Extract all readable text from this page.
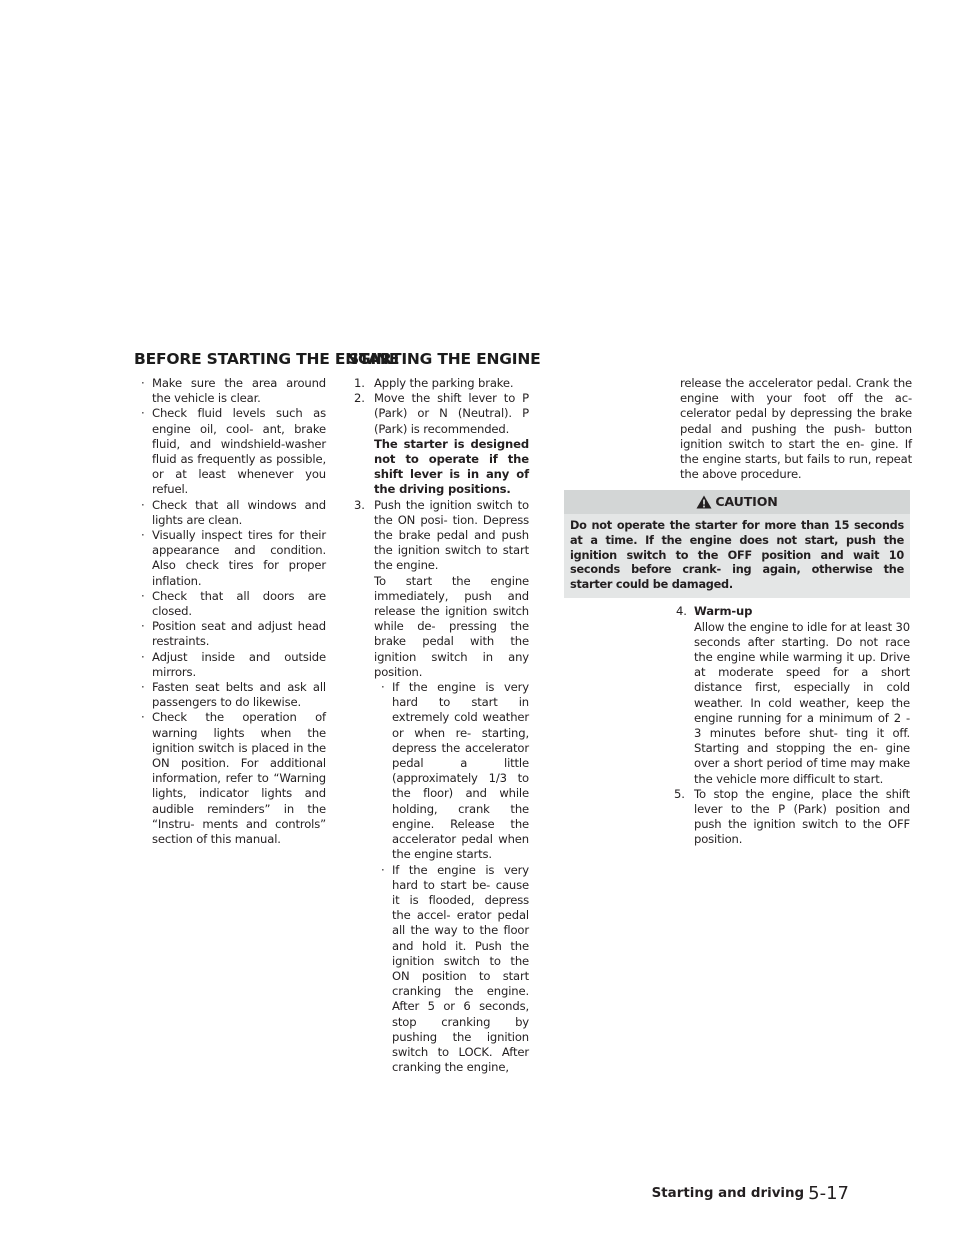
BEFORE STARTING THE ENGINE
STARTING THE ENGINE

· Make sure the area around the vehicle is clear.

· Check fluid levels such as engine oil, cool- ant, brake fluid, and windshield-washer fluid as frequently as possible, or at least whenever you refuel.

· Check that all windows and lights are clean.

· Visually inspect tires for their appearance and condition. Also check tires for proper inflation.

· Check that all doors are closed.

· Position seat and adjust head restraints.

· Adjust inside and outside mirrors.

· Fasten seat belts and ask all passengers to do likewise.

· Check the operation of warning lights when the ignition switch is placed in the ON position. For additional information, refer to “Warning lights, indicator lights and audible reminders” in the “Instru- ments and controls” section of this manual.

1. Apply the parking brake.

2. Move the shift lever to P (Park) or N (Neutral). P (Park) is recommended.

The starter is designed not to operate if the shift lever is in any of the driving positions.

3. Push the ignition switch to the ON posi- tion. Depress the brake pedal and push the ignition switch to start the engine.

To start the engine immediately, push and release the ignition switch while de- pressing the brake pedal with the ignition switch in any position.

· If the engine is very hard to start in extremely cold weather or when re- starting, depress the accelerator pedal a little (approximately 1/3 to the floor) and while holding, crank the engine. Release the accelerator pedal when the engine starts.

· If the engine is very hard to start be- cause it is flooded, depress the accel- erator pedal all the way to the floor and hold it. Push the ignition switch to the ON position to start cranking the engine. After 5 or 6 seconds, stop cranking by pushing the ignition switch to LOCK. After cranking the engine,

release the accelerator pedal. Crank the engine with your foot off the ac- celerator pedal by depressing the brake pedal and pushing the push- button ignition switch to start the en- gine. If the engine starts, but fails to run, repeat the above procedure.

CAUTION
Do not operate the starter for more than 15 seconds at a time. If the engine does not start, push the ignition switch to the OFF position and wait 10 seconds before crank- ing again, otherwise the starter could be damaged.

4. Warm-up

Allow the engine to idle for at least 30 seconds after starting. Do not race the engine while warming it up. Drive at moderate speed for a short distance first, especially in cold weather. In cold weather, keep the engine running for a minimum of 2 - 3 minutes before shut- ting it off. Starting and stopping the en- gine over a short period of time may make the vehicle more difficult to start.

5. To stop the engine, place the shift lever to the P (Park) position and push the ignition switch to the OFF position.

Starting and driving 5-17
